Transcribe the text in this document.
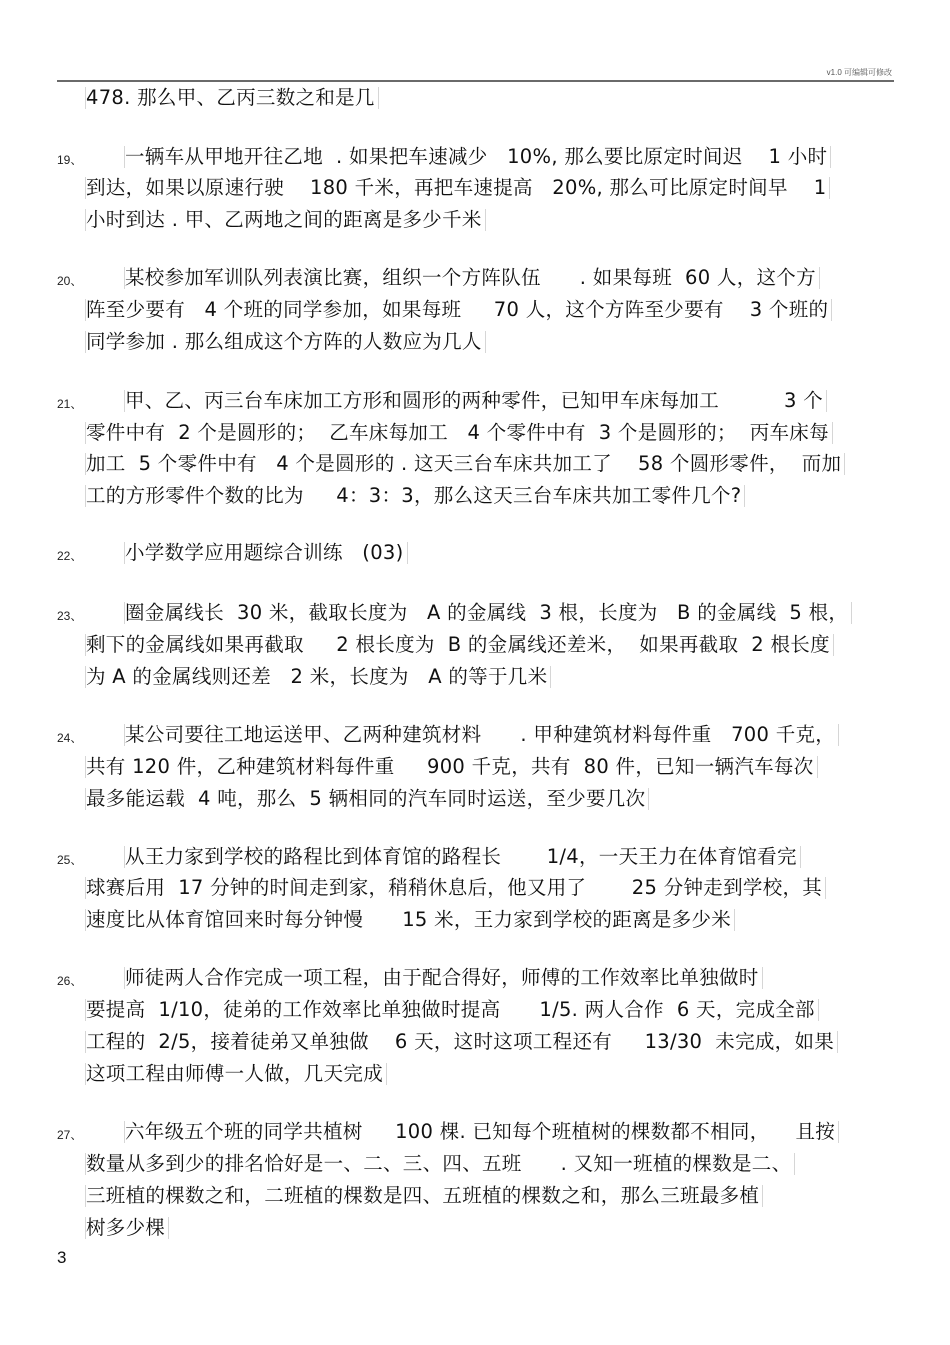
v1.0 可编辑可修改
478. 那么甲、乙丙三数之和是几
19、 一辆车从甲地开往乙地  . 如果把车速减少   10%, 那么要比原定时间迟    1 小时
到达，如果以原速行驶    180 千米，再把车速提高   20%, 那么可比原定时间早    1
小时到达 . 甲、乙两地之间的距离是多少千米
20、 某校参加军训队列表演比赛，组织一个方阵队伍      . 如果每班  60 人，这个方
阵至少要有   4 个班的同学参加，如果每班     70 人，这个方阵至少要有    3 个班的
同学参加 . 那么组成这个方阵的人数应为几人
21、 甲、乙、丙三台车床加工方形和圆形的两种零件，已知甲车床每加工          3 个
零件中有  2 个是圆形的；  乙车床每加工   4 个零件中有  3 个是圆形的；  丙车床每
加工  5 个零件中有   4 个是圆形的 . 这天三台车床共加工了    58 个圆形零件，  而加
工的方形零件个数的比为     4：3：3，那么这天三台车床共加工零件几个?
22、 小学数学应用题综合训练   (03)
23、 圈金属线长  30 米，截取长度为   A 的金属线  3 根，长度为   B 的金属线  5 根，
剩下的金属线如果再截取     2 根长度为  B 的金属线还差米，  如果再截取  2 根长度
为 A 的金属线则还差   2 米，长度为   A 的等于几米
24、 某公司要往工地运送甲、乙两种建筑材料      . 甲种建筑材料每件重   700 千克，
共有 120 件，乙种建筑材料每件重     900 千克，共有  80 件，已知一辆汽车每次
最多能运载  4 吨，那么  5 辆相同的汽车同时运送，至少要几次
25、 从王力家到学校的路程比到体育馆的路程长       1/4，一天王力在体育馆看完
球赛后用  17 分钟的时间走到家，稍稍休息后，他又用了       25 分钟走到学校，其
速度比从体育馆回来时每分钟慢      15 米，王力家到学校的距离是多少米
26、 师徒两人合作完成一项工程，由于配合得好，师傅的工作效率比单独做时
要提高  1/10，徒弟的工作效率比单独做时提高      1/5. 两人合作  6 天，完成全部
工程的  2/5，接着徒弟又单独做    6 天，这时这项工程还有     13/30  未完成，如果
这项工程由师傅一人做，几天完成
27、 六年级五个班的同学共植树     100 棵. 已知每个班植树的棵数都不相同，    且按
数量从多到少的排名恰好是一、二、三、四、五班      . 又知一班植的棵数是二、
三班植的棵数之和，二班植的棵数是四、五班植的棵数之和，那么三班最多植
树多少棵
3
